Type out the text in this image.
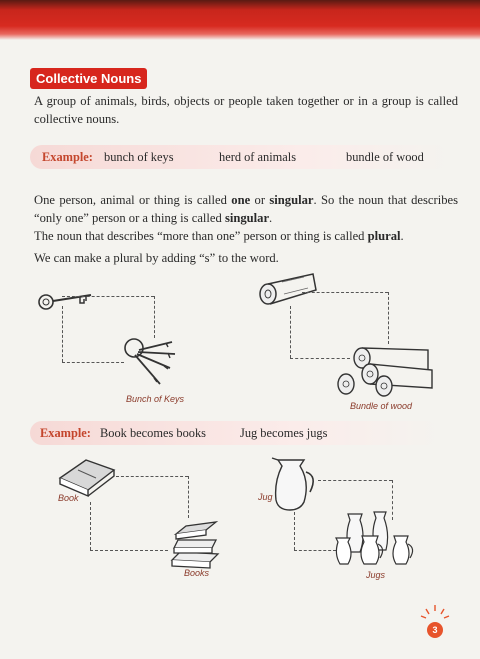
Collective Nouns
A group of animals, birds, objects or people taken together or in a group is called collective nouns.
Example: bunch of keys	herd of animals	bundle of wood
One person, animal or thing is called one or singular. So the noun that describes “only one” person or a thing is called singular.
The noun that describes “more than one” person or thing is called plural.
We can make a plural by adding “s” to the word.
Bunch of Keys
Bundle of wood
Example: Book becomes books	Jug becomes jugs
Book
Books
Jug
Jugs
3
